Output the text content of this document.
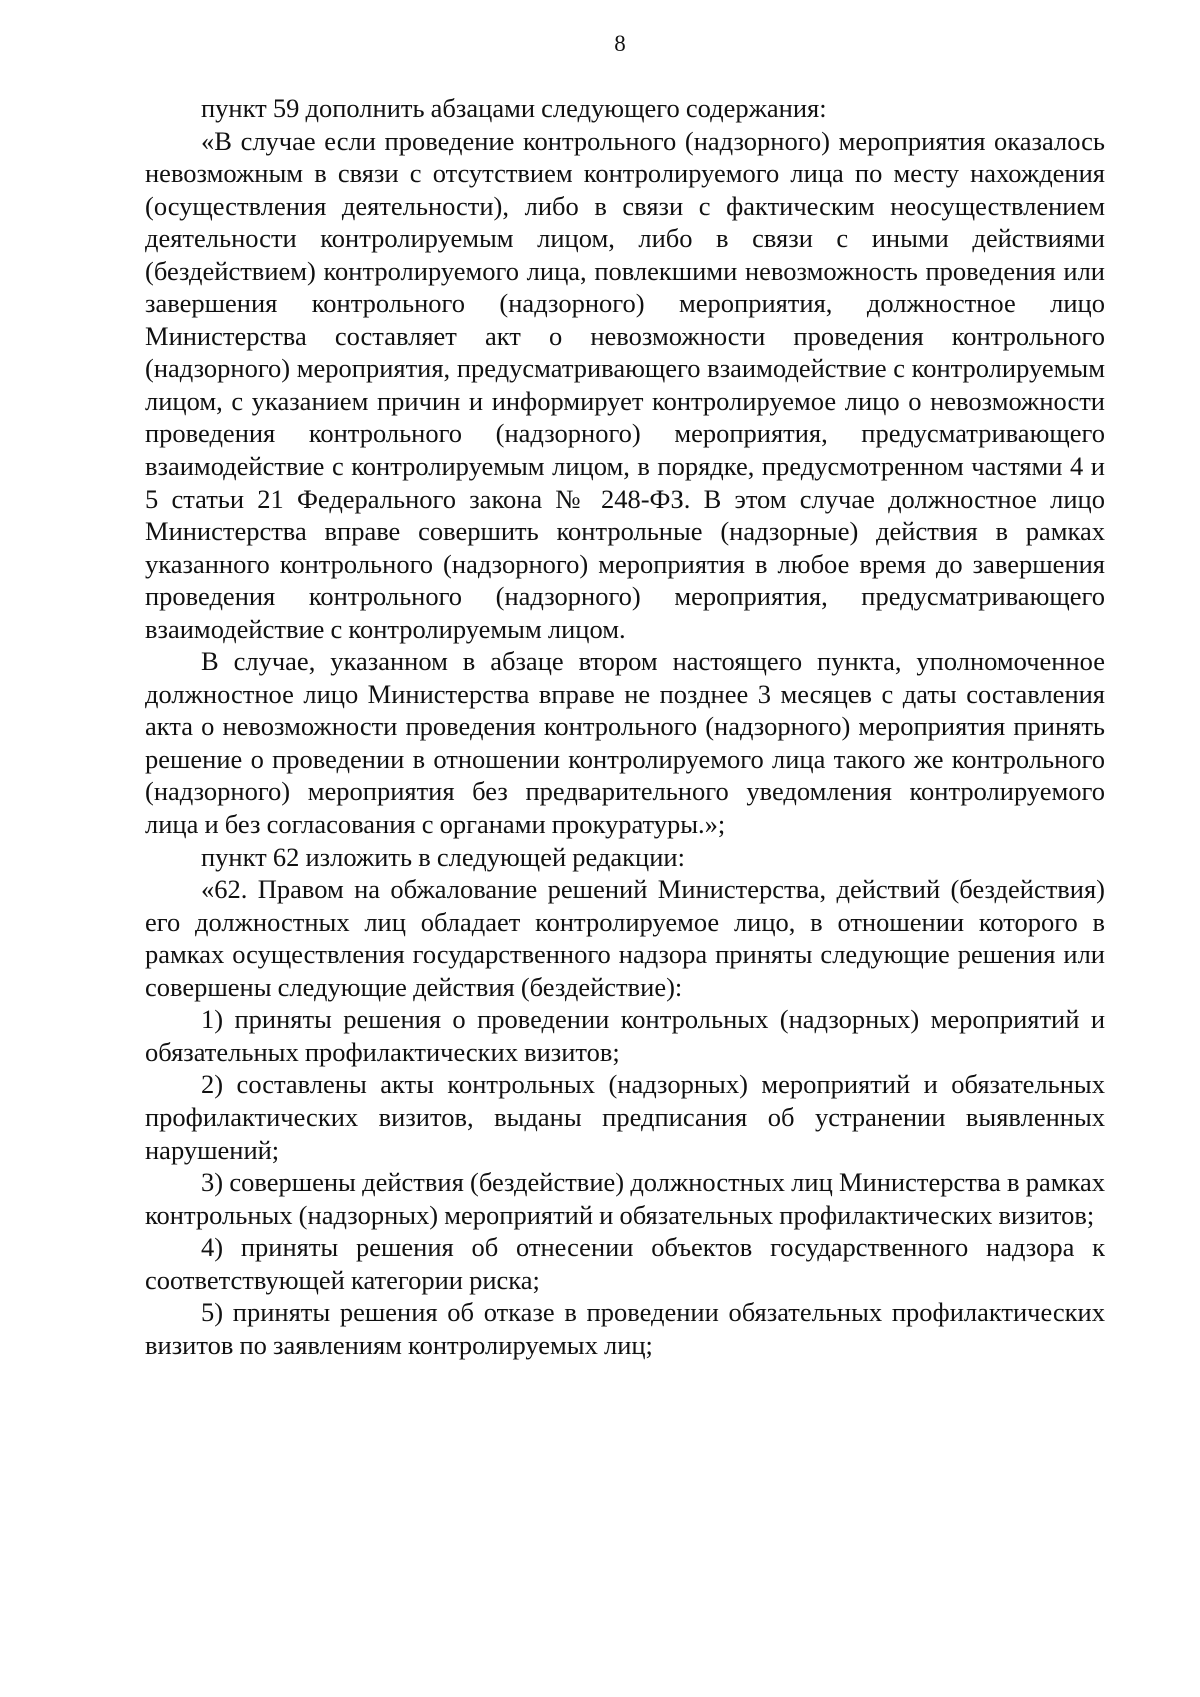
8

пункт 59 дополнить абзацами следующего содержания:

«В случае если проведение контрольного (надзорного) мероприятия оказалось невозможным в связи с отсутствием контролируемого лица по месту нахождения (осуществления деятельности), либо в связи с фактическим неосуществлением деятельности контролируемым лицом, либо в связи с иными действиями (бездействием) контролируемого лица, повлекшими невозможность проведения или завершения контрольного (надзорного) мероприятия, должностное лицо Министерства составляет акт о невозможности проведения контрольного (надзорного) мероприятия, предусматривающего взаимодействие с контролируемым лицом, с указанием причин и информирует контролируемое лицо о невозможности проведения контрольного (надзорного) мероприятия, предусматривающего взаимодействие с контролируемым лицом, в порядке, предусмотренном частями 4 и 5 статьи 21 Федерального закона № 248-ФЗ. В этом случае должностное лицо Министерства вправе совершить контрольные (надзорные) действия в рамках указанного контрольного (надзорного) мероприятия в любое время до завершения проведения контрольного (надзорного) мероприятия, предусматривающего взаимодействие с контролируемым лицом.

В случае, указанном в абзаце втором настоящего пункта, уполномоченное должностное лицо Министерства вправе не позднее 3 месяцев с даты составления акта о невозможности проведения контрольного (надзорного) мероприятия принять решение о проведении в отношении контролируемого лица такого же контрольного (надзорного) мероприятия без предварительного уведомления контролируемого лица и без согласования с органами прокуратуры.»;

пункт 62 изложить в следующей редакции:

«62. Правом на обжалование решений Министерства, действий (бездействия) его должностных лиц обладает контролируемое лицо, в отношении которого в рамках осуществления государственного надзора приняты следующие решения или совершены следующие действия (бездействие):

1) приняты решения о проведении контрольных (надзорных) мероприятий и обязательных профилактических визитов;

2) составлены акты контрольных (надзорных) мероприятий и обязательных профилактических визитов, выданы предписания об устранении выявленных нарушений;

3) совершены действия (бездействие) должностных лиц Министерства в рамках контрольных (надзорных) мероприятий и обязательных профилактических визитов;

4) приняты решения об отнесении объектов государственного надзора к соответствующей категории риска;

5) приняты решения об отказе в проведении обязательных профилактических визитов по заявлениям контролируемых лиц;
